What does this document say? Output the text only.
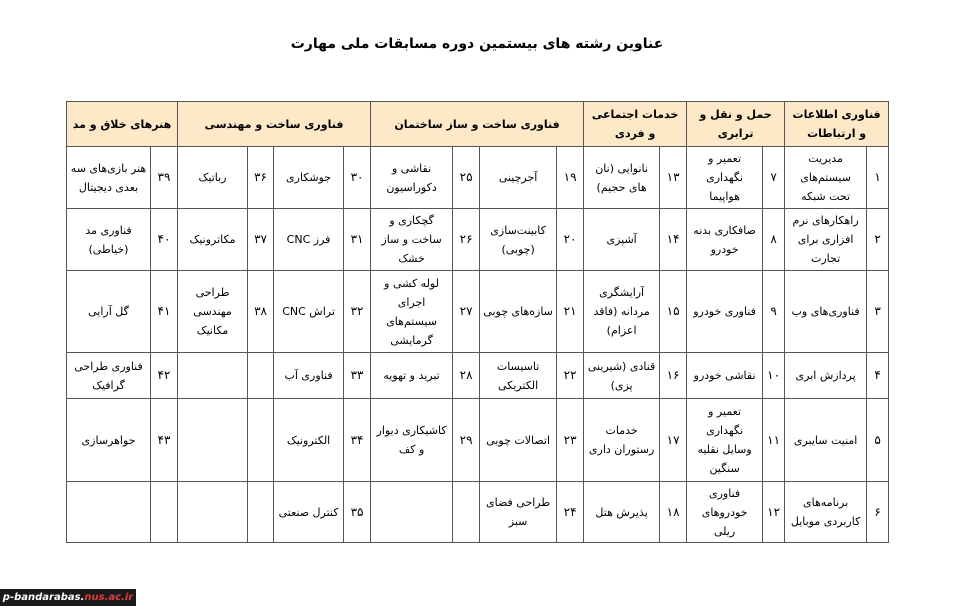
عناوین رشته های بیستمین دوره مسابقات ملی مهارت
فناوری اطلاعات و ارتباطات		حمل و نقل و ترابری		خدمات اجتماعی و فردی		فناوری ساخت و ساز ساختمان				فناوری ساخت و مهندسی				هنرهای خلاق و مد	
۱	مدیریت سیستم‌های تحت شبکه	۷	تعمیر و نگهداری هواپیما	۱۳	نانوایی (نان های حجیم)	۱۹	آجرچینی	۲۵	نقاشی و دکوراسیون	۳۰	جوشکاری	۳۶	رباتیک	۳۹	هنر بازی‌های سه بعدی دیجیتال
۲	راهکارهای نرم افزاری برای تجارت	۸	صافکاری بدنه خودرو	۱۴	آشپزی	۲۰	کابینت‌سازی (چوبی)	۲۶	گچکاری و ساخت و ساز خشک	۳۱	فرز CNC	۳۷	مکاترونیک	۴۰	فناوری مد (خیاطی)
۳	فناوری‌های وب	۹	فناوری خودرو	۱۵	آرایشگری مردانه (فاقد اعزام)	۲۱	سازه‌های چوبی	۲۷	لوله کشی و اجرای سیستم‌های گرمایشی	۳۲	تراش CNC	۳۸	طراحی مهندسی مکانیک	۴۱	گل آرایی
۴	پردازش ابری	۱۰	نقاشی خودرو	۱۶	قنادی (شیرینی پزی)	۲۲	تاسیسات الکتریکی	۲۸	تبرید و تهویه	۳۳	فناوری آب			۴۲	فناوری طراحی گرافیک
۵	امنیت سایبری	۱۱	تعمیر و نگهداری وسایل نقلیه سنگین	۱۷	خدمات رستوران داری	۲۳	اتصالات چوبی	۲۹	کاشیکاری دیوار و کف	۳۴	الکترونیک			۴۳	جواهرسازی
۶	برنامه‌های کاربردی موبایل	۱۲	فناوری خودروهای ریلی	۱۸	پذیرش هتل	۲۴	طراحی فضای سبز			۳۵	کنترل صنعتی				
p-bandarabas.nus.ac.ir
